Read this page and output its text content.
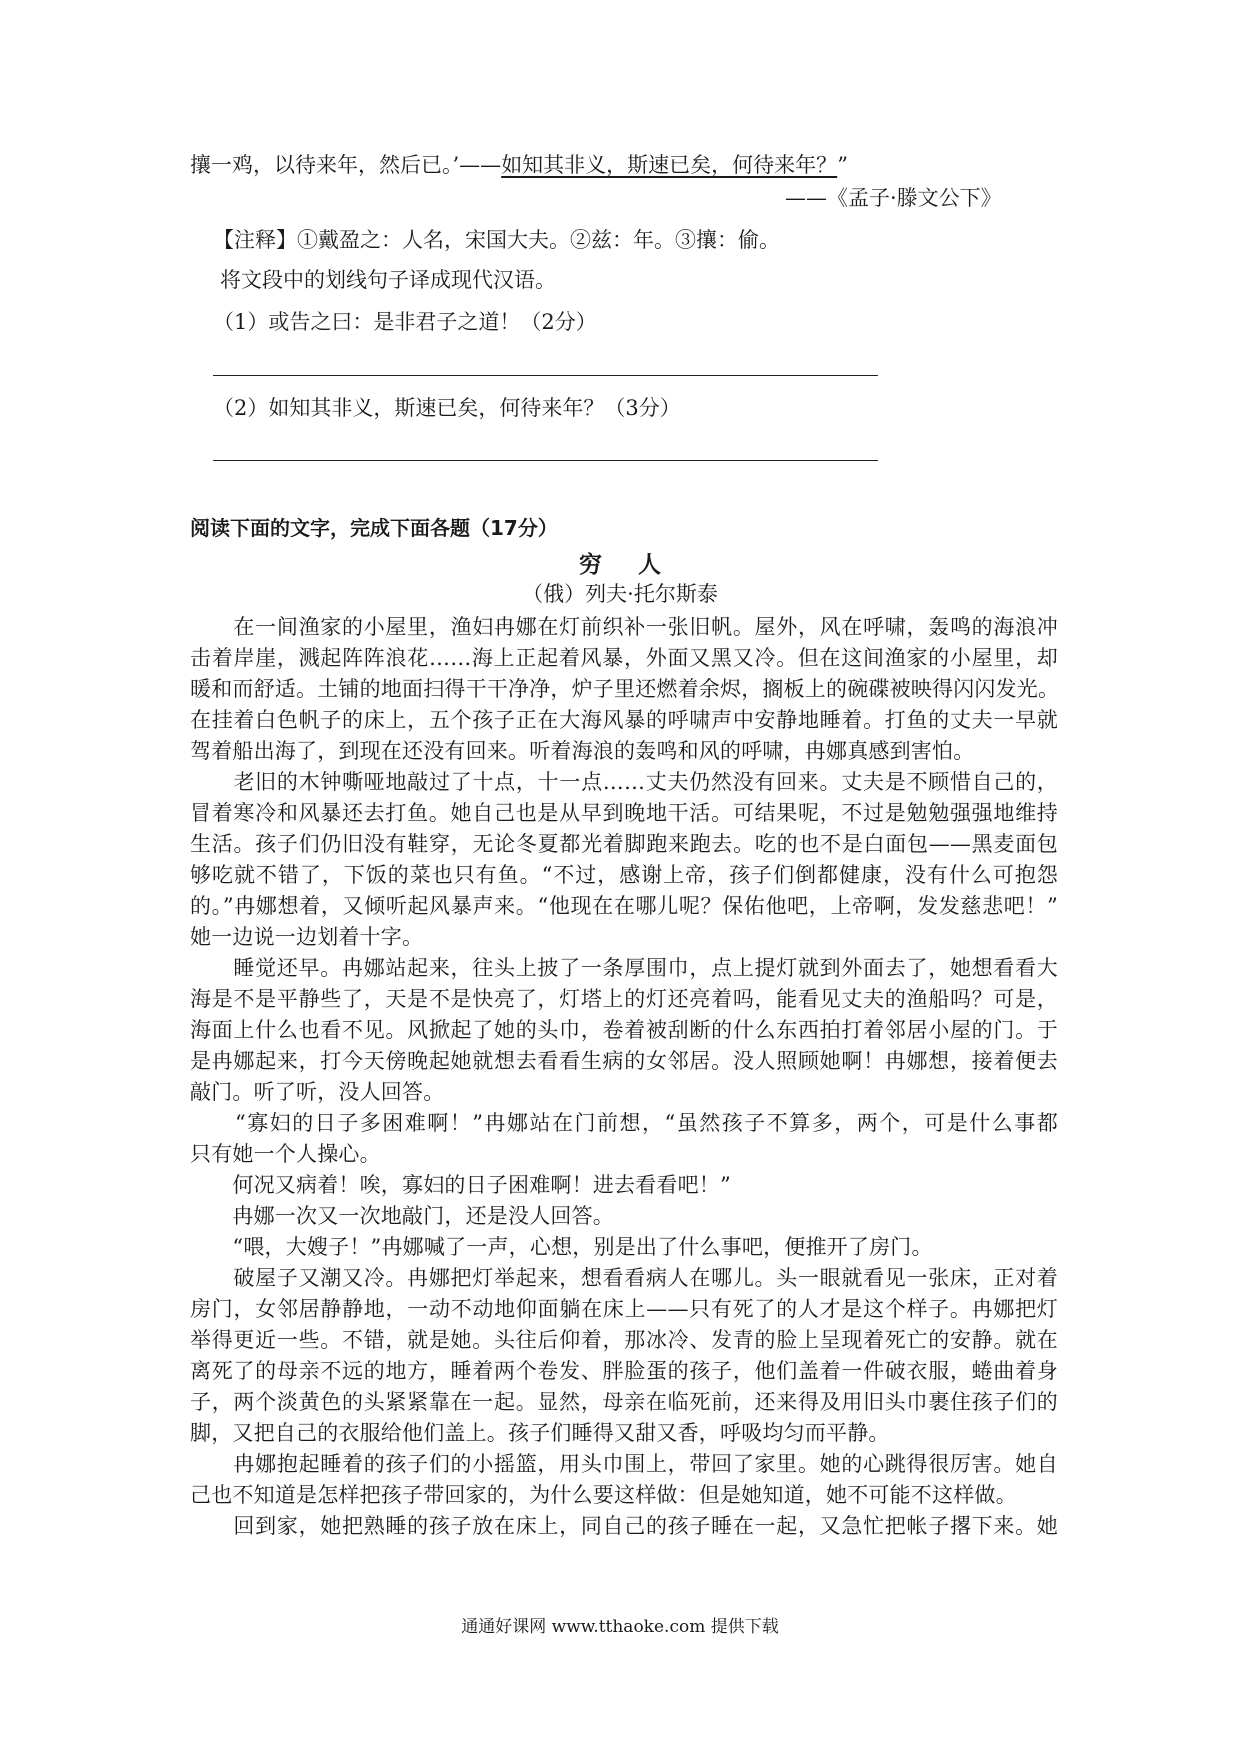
攘一鸡，以待来年，然后已。’——如知其非义，斯速已矣，何待来年？”
——《孟子·滕文公下》
【注释】①戴盈之：人名，宋国大夫。②兹：年。③攘：偷。
将文段中的划线句子译成现代汉语。
（1）或告之曰：是非君子之道！（2分）
（2）如知其非义，斯速已矣，何待来年？（3分）
阅读下面的文字，完成下面各题（17分）
穷人
（俄）列夫·托尔斯泰
　　在一间渔家的小屋里，渔妇冉娜在灯前织补一张旧帆。屋外，风在呼啸，轰鸣的海浪冲
击着岸崖，溅起阵阵浪花……海上正起着风暴，外面又黑又冷。但在这间渔家的小屋里，却
暖和而舒适。土铺的地面扫得干干净净，炉子里还燃着余烬，搁板上的碗碟被映得闪闪发光。
在挂着白色帆子的床上，五个孩子正在大海风暴的呼啸声中安静地睡着。打鱼的丈夫一早就
驾着船出海了，到现在还没有回来。听着海浪的轰鸣和风的呼啸，冉娜真感到害怕。
　　老旧的木钟嘶哑地敲过了十点，十一点……丈夫仍然没有回来。丈夫是不顾惜自己的，
冒着寒冷和风暴还去打鱼。她自己也是从早到晚地干活。可结果呢，不过是勉勉强强地维持
生活。孩子们仍旧没有鞋穿，无论冬夏都光着脚跑来跑去。吃的也不是白面包——黑麦面包
够吃就不错了，下饭的菜也只有鱼。“不过，感谢上帝，孩子们倒都健康，没有什么可抱怨
的。”冉娜想着，又倾听起风暴声来。“他现在在哪儿呢？保佑他吧，上帝啊，发发慈悲吧！”
她一边说一边划着十字。
　　睡觉还早。冉娜站起来，往头上披了一条厚围巾，点上提灯就到外面去了，她想看看大
海是不是平静些了，天是不是快亮了，灯塔上的灯还亮着吗，能看见丈夫的渔船吗？可是，
海面上什么也看不见。风掀起了她的头巾，卷着被刮断的什么东西拍打着邻居小屋的门。于
是冉娜起来，打今天傍晚起她就想去看看生病的女邻居。没人照顾她啊！冉娜想，接着便去
敲门。听了听，没人回答。
　　“寡妇的日子多困难啊！”冉娜站在门前想，“虽然孩子不算多，两个，可是什么事都
只有她一个人操心。
　　何况又病着！唉，寡妇的日子困难啊！进去看看吧！”
　　冉娜一次又一次地敲门，还是没人回答。
　　“喂，大嫂子！”冉娜喊了一声，心想，别是出了什么事吧，便推开了房门。
　　破屋子又潮又冷。冉娜把灯举起来，想看看病人在哪儿。头一眼就看见一张床，正对着
房门，女邻居静静地，一动不动地仰面躺在床上——只有死了的人才是这个样子。冉娜把灯
举得更近一些。不错，就是她。头往后仰着，那冰冷、发青的脸上呈现着死亡的安静。就在
离死了的母亲不远的地方，睡着两个卷发、胖脸蛋的孩子，他们盖着一件破衣服，蜷曲着身
子，两个淡黄色的头紧紧靠在一起。显然，母亲在临死前，还来得及用旧头巾裹住孩子们的
脚，又把自己的衣服给他们盖上。孩子们睡得又甜又香，呼吸均匀而平静。
　　冉娜抱起睡着的孩子们的小摇篮，用头巾围上，带回了家里。她的心跳得很厉害。她自
己也不知道是怎样把孩子带回家的，为什么要这样做：但是她知道，她不可能不这样做。
　　回到家，她把熟睡的孩子放在床上，同自己的孩子睡在一起，又急忙把帐子撂下来。她
通通好课网 www.tthaoke.com 提供下载
